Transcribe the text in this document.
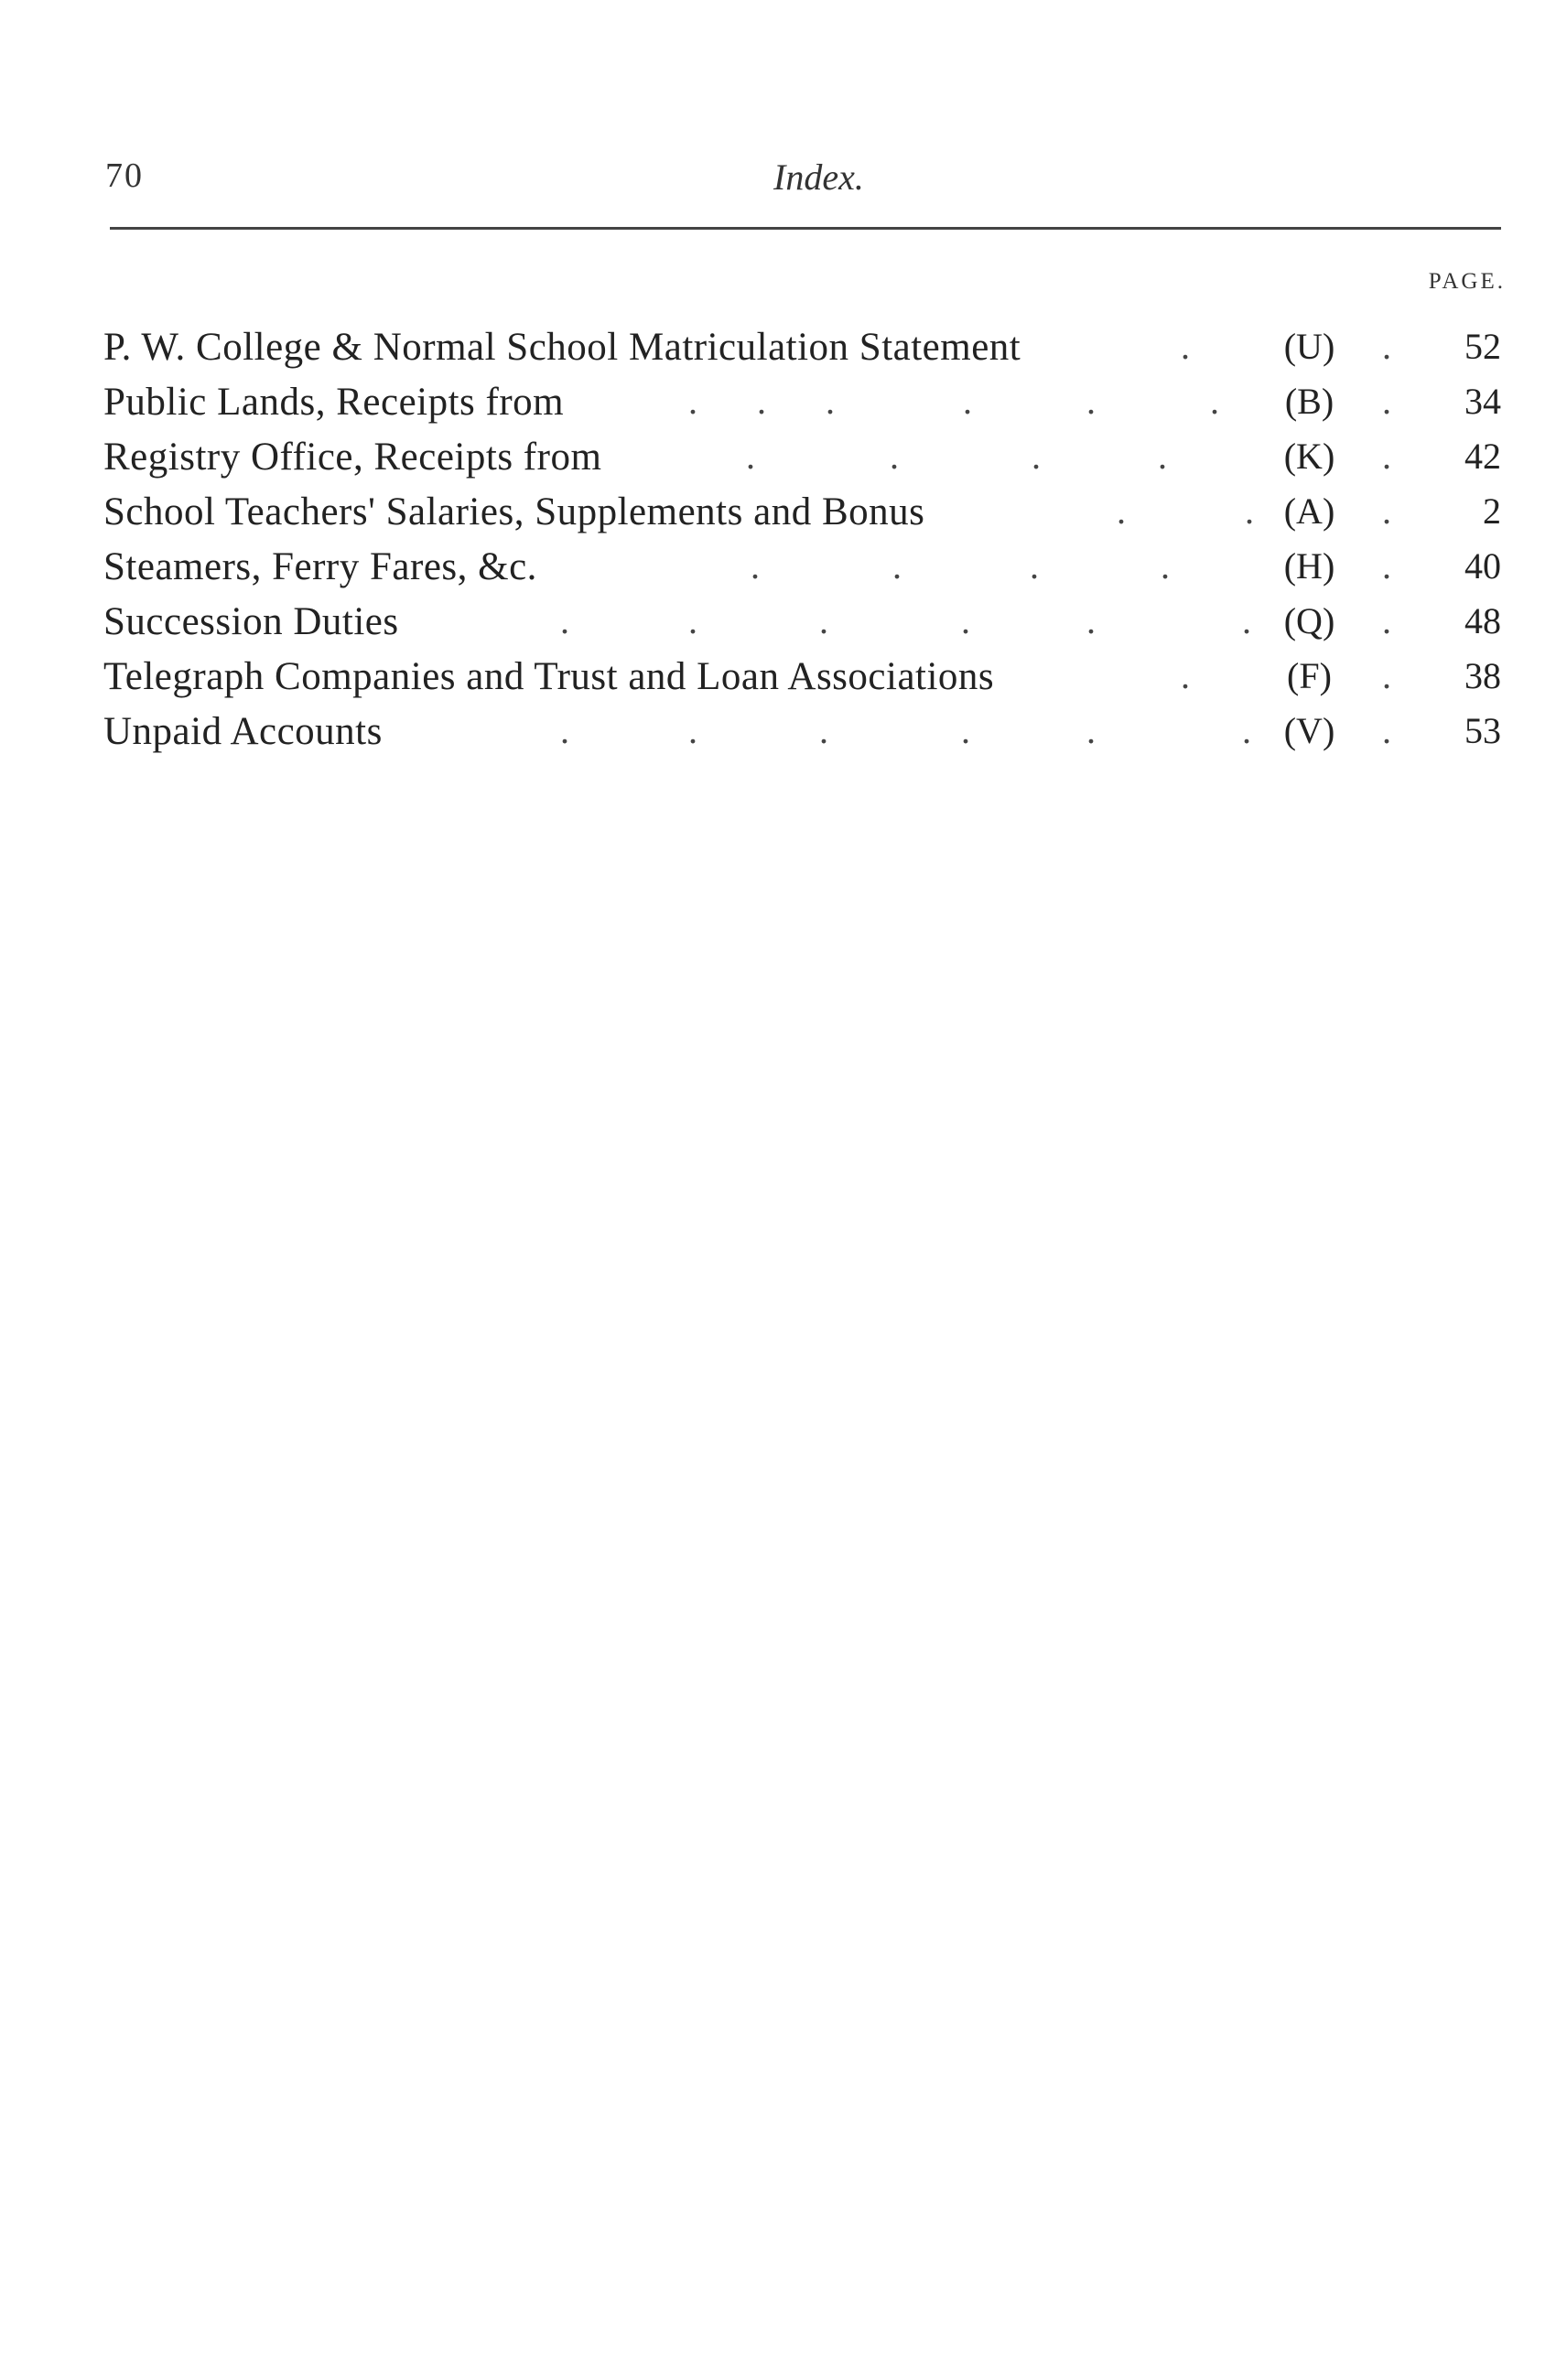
70	Index.
PAGE.
P. W. College & Normal School Matriculation Statement	.	(U)	.	52
Public Lands, Receipts from	. . .	.	.	.	(B)	.	34
Registry Office, Receipts from	.	.	.	.	(K)	.	42
School Teachers' Salaries, Supplements and Bonus	.	. (A)	.	2
Steamers, Ferry Fares, &c.	.	.	.	.	(H)	.	40
Succession Duties	.	.	.	.	.	. (Q)	.	48
Telegraph Companies and Trust and Loan Associations	.	(F)	.	38
Unpaid Accounts	.	.	.	.	.	. (V)	.	53
